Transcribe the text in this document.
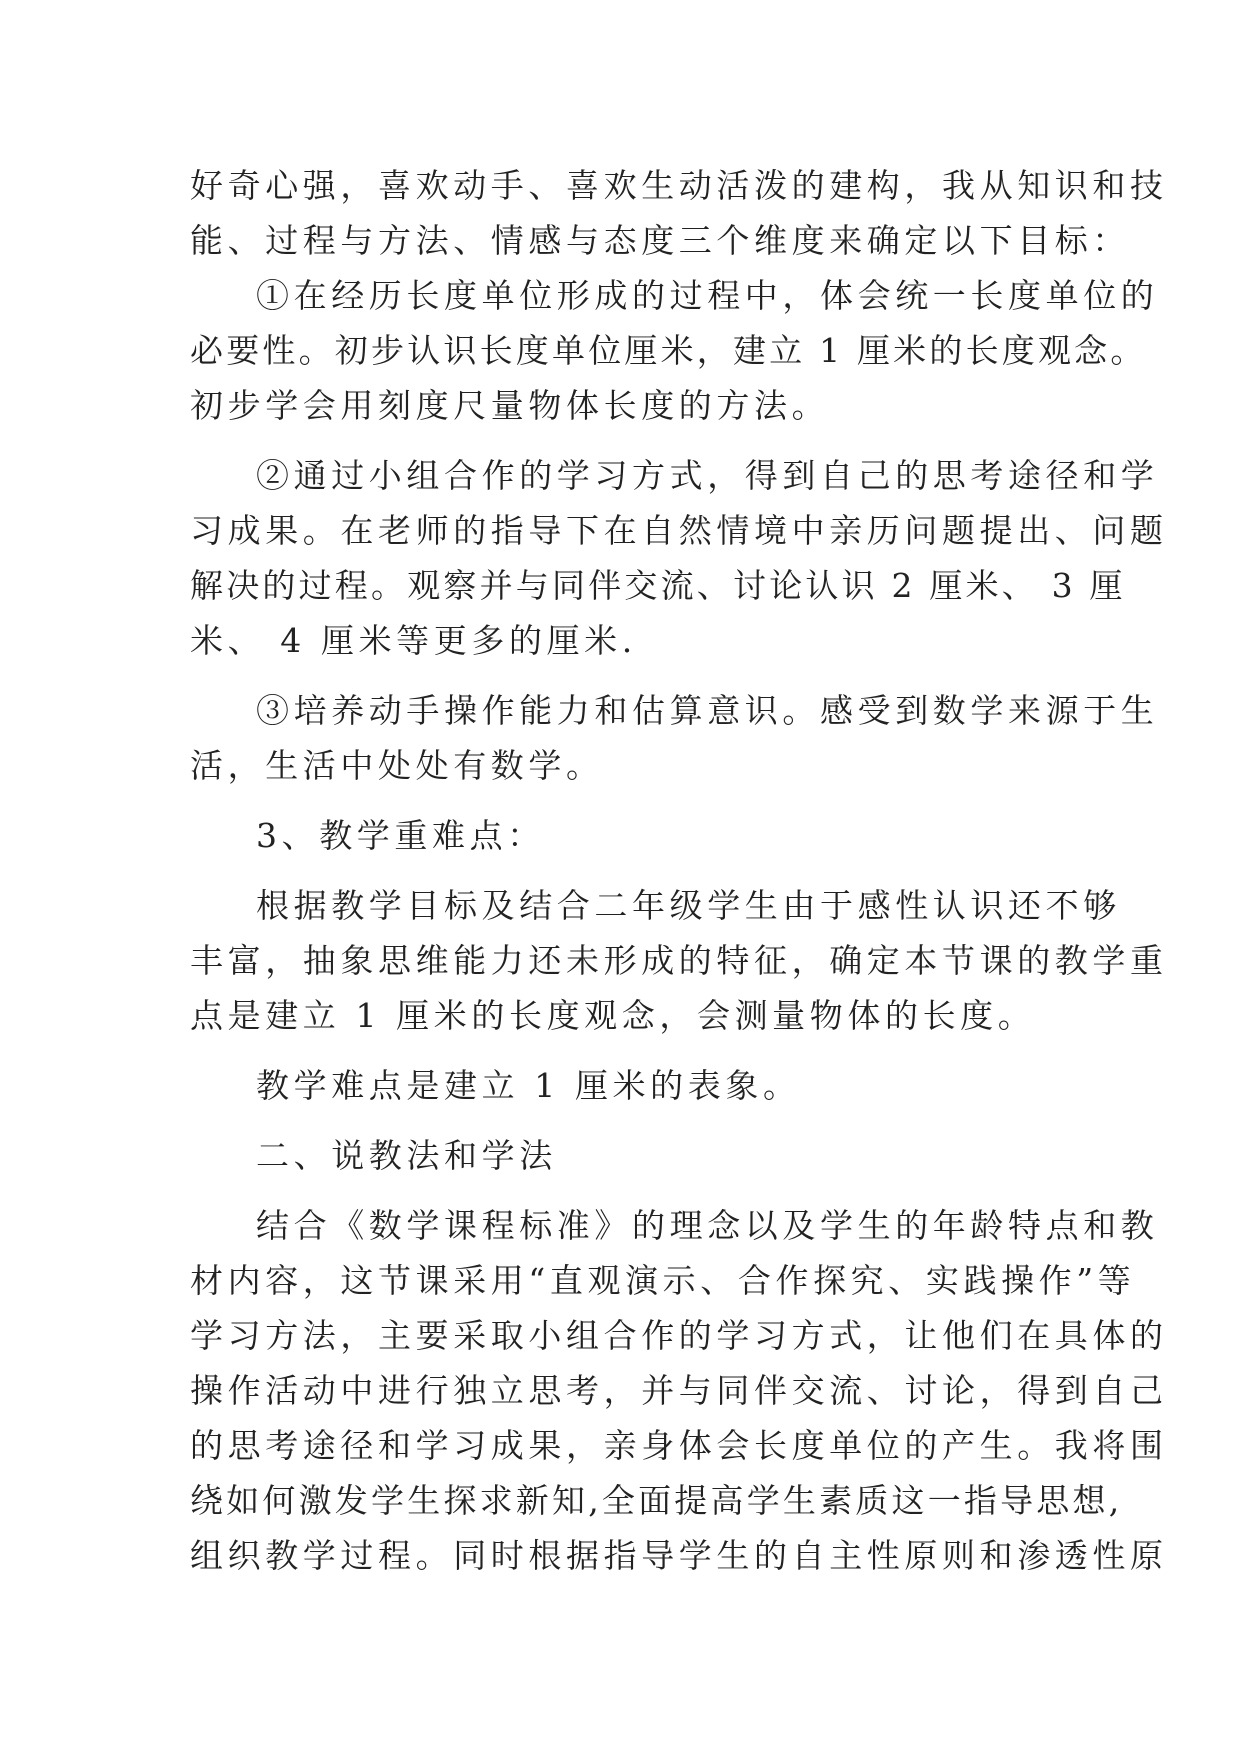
好奇心强，喜欢动手、喜欢生动活泼的建构，我从知识和技
能、过程与方法、情感与态度三个维度来确定以下目标：
①在经历长度单位形成的过程中，体会统一长度单位的
必要性。初步认识长度单位厘米，建立 1 厘米的长度观念。
初步学会用刻度尺量物体长度的方法。
②通过小组合作的学习方式，得到自己的思考途径和学
习成果。在老师的指导下在自然情境中亲历问题提出、问题
解决的过程。观察并与同伴交流、讨论认识 2 厘米、 3 厘
米、 4 厘米等更多的厘米.
③培养动手操作能力和估算意识。感受到数学来源于生
活，生活中处处有数学。
3、教学重难点：
根据教学目标及结合二年级学生由于感性认识还不够
丰富，抽象思维能力还未形成的特征，确定本节课的教学重
点是建立 1 厘米的长度观念，会测量物体的长度。
教学难点是建立 1 厘米的表象。
二、说教法和学法
结合《数学课程标准》的理念以及学生的年龄特点和教
材内容，这节课采用“直观演示、合作探究、实践操作”等
学习方法，主要采取小组合作的学习方式，让他们在具体的
操作活动中进行独立思考，并与同伴交流、讨论，得到自己
的思考途径和学习成果，亲身体会长度单位的产生。我将围
绕如何激发学生探求新知,全面提高学生素质这一指导思想,
组织教学过程。同时根据指导学生的自主性原则和渗透性原
